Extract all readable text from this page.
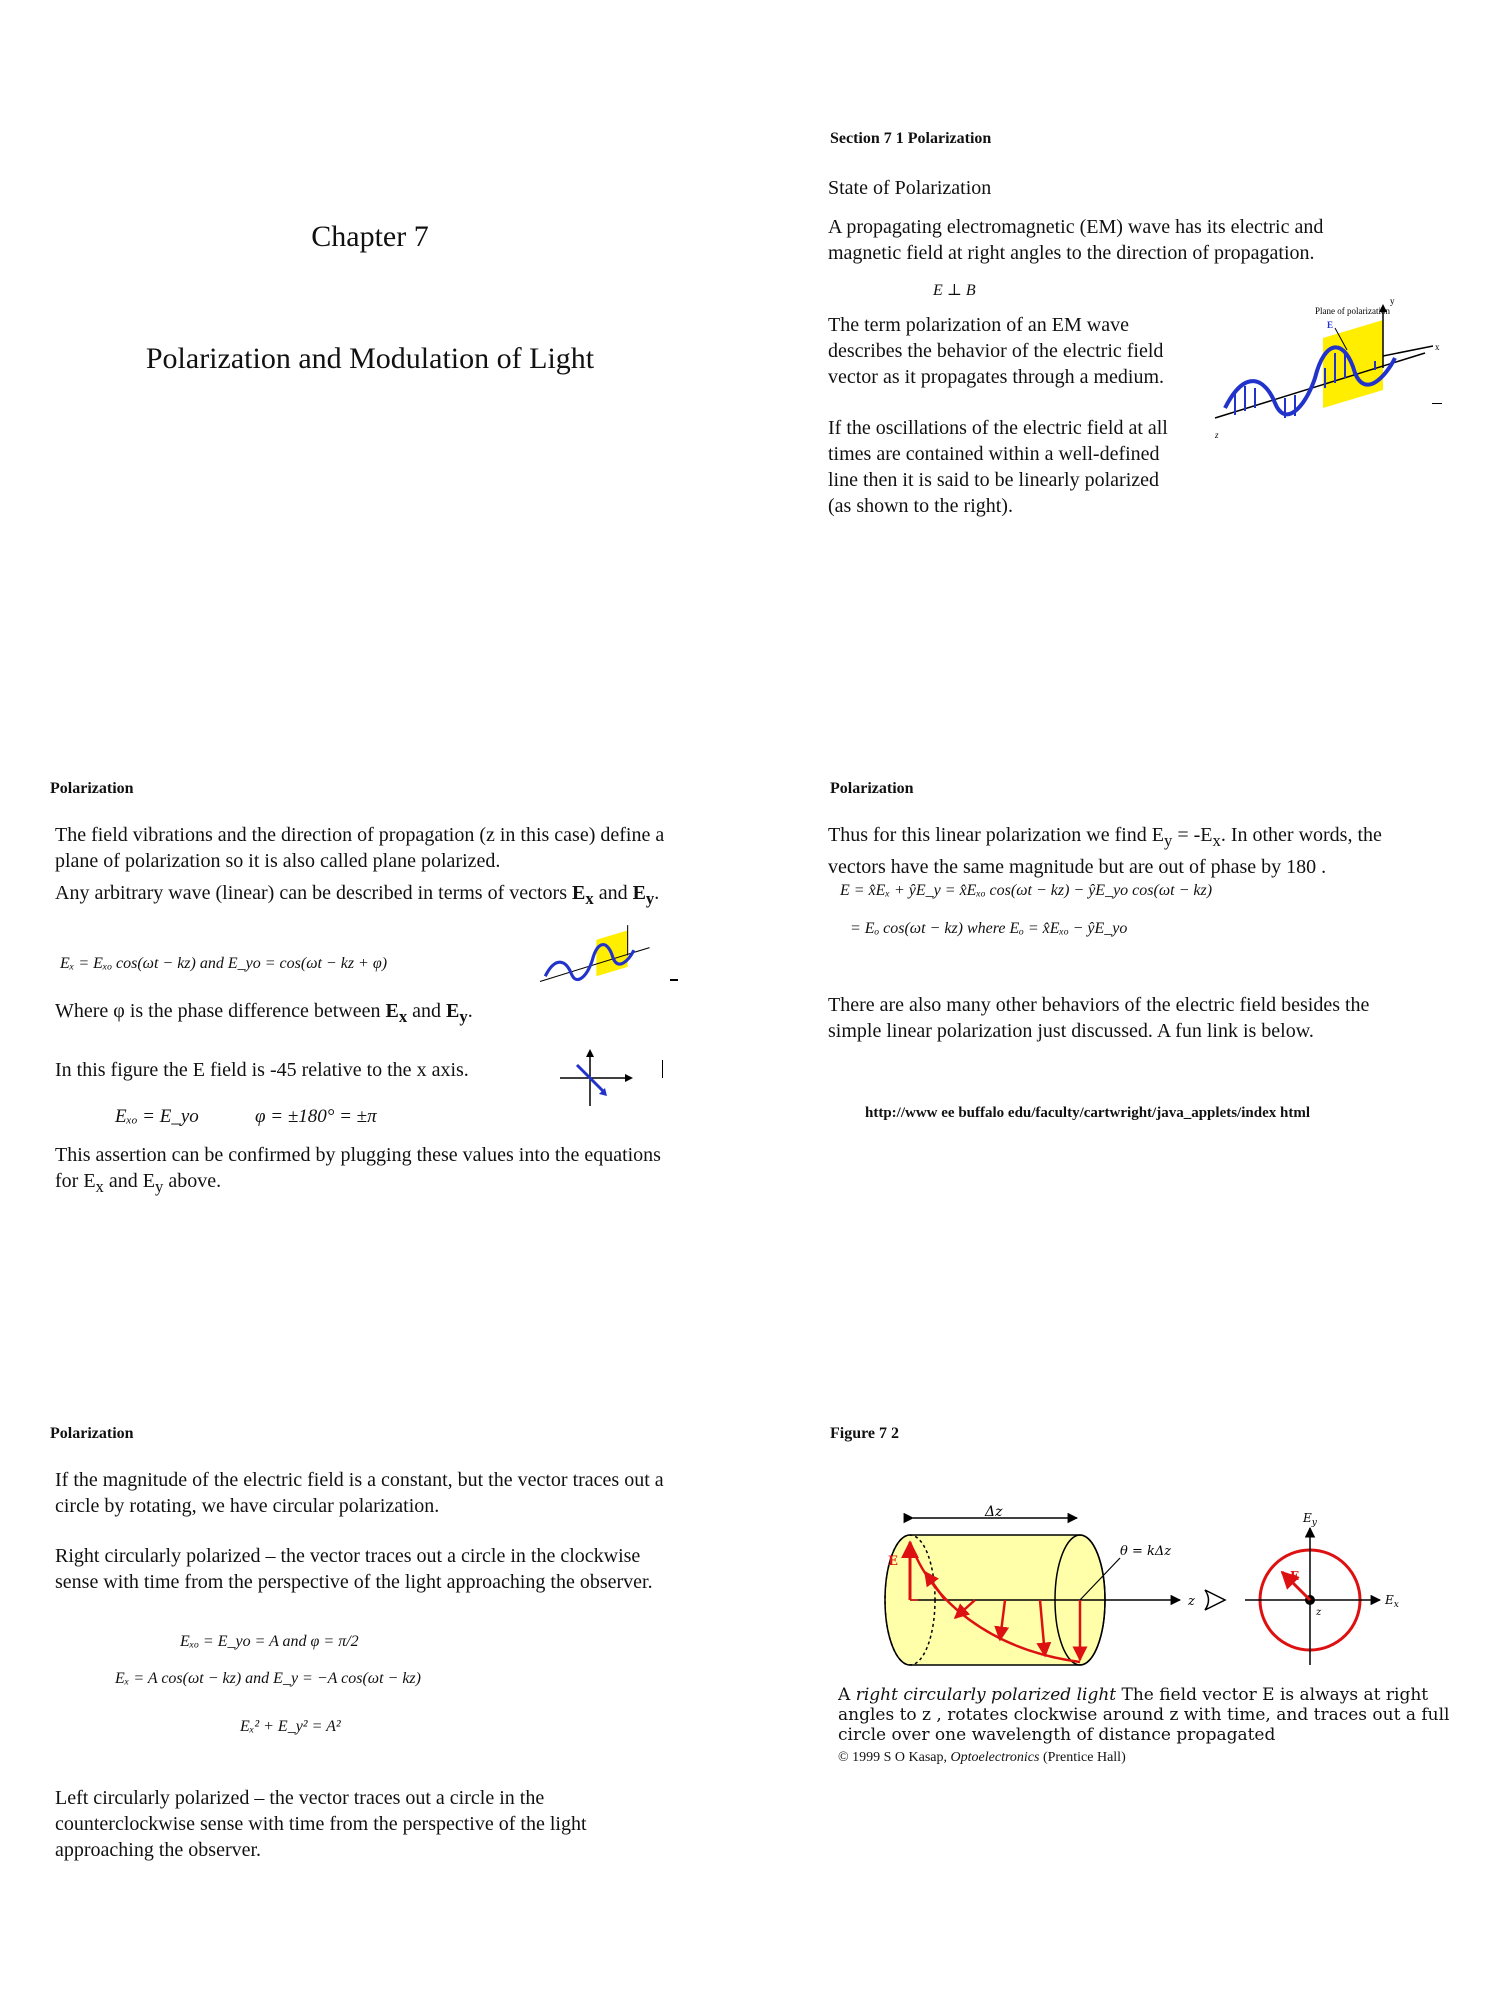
Chapter 7
Polarization and Modulation of Light
Section 7 1 Polarization
State of Polarization
A propagating electromagnetic (EM) wave has its electric and magnetic field at right angles to the direction of propagation.
E ⊥ B
The term polarization of an EM wave describes the behavior of the electric field vector as it propagates through a medium.
If the oscillations of the electric field at all times are contained within a well-defined line then it is said to be linearly polarized (as shown to the right).
Plane of polarization
E
y
x
z
Polarization
The field vibrations and the direction of propagation (z in this case) define a plane of polarization so it is also called plane polarized.
Any arbitrary wave (linear) can be described in terms of vectors $E_x$ and $E_y$.
Eₓ = Eₓₒ cos(ωt − kz) and E_yo = cos(ωt − kz + φ)
Where φ is the phase difference between $E_x$ and $E_y$.
In this figure the E field is -45 relative to the x axis.
Eₓₒ = E_yo	φ = ±180° = ±π
This assertion can be confirmed by plugging these values into the equations for $E_x$ and $E_y$ above.
Polarization
Thus for this linear polarization we find $E_y = -E_x$. In other words, the vectors have the same magnitude but are out of phase by 180 .
E = x̂Eₓ + ŷE_y = x̂Eₓₒ cos(ωt − kz) − ŷE_yo cos(ωt − kz)
= Eₒ cos(ωt − kz) where Eₒ = x̂Eₓₒ − ŷE_yo
There are also many other behaviors of the electric field besides the simple linear polarization just discussed. A fun link is below.
http://www ee buffalo edu/faculty/cartwright/java_applets/index html
Polarization
If the magnitude of the electric field is a constant, but the vector traces out a circle by rotating, we have circular polarization.
Right circularly polarized – the vector traces out a circle in the clockwise sense with time from the perspective of the light approaching the observer.
Eₓₒ = E_yo = A and φ = π/2
Eₓ = A cos(ωt − kz) and E_y = −A cos(ωt − kz)
Eₓ² + E_y² = A²
Left circularly polarized – the vector traces out a circle in the counterclockwise sense with time from the perspective of the light approaching the observer.
Figure 7 2
Δz
z
E
θ = kΔz
E
z
$E_y$
$E_x$
A right circularly polarized light The field vector E is always at right angles to z , rotates clockwise around z with time, and traces out a full circle over one wavelength of distance propagated
© 1999 S O Kasap, Optoelectronics (Prentice Hall)
